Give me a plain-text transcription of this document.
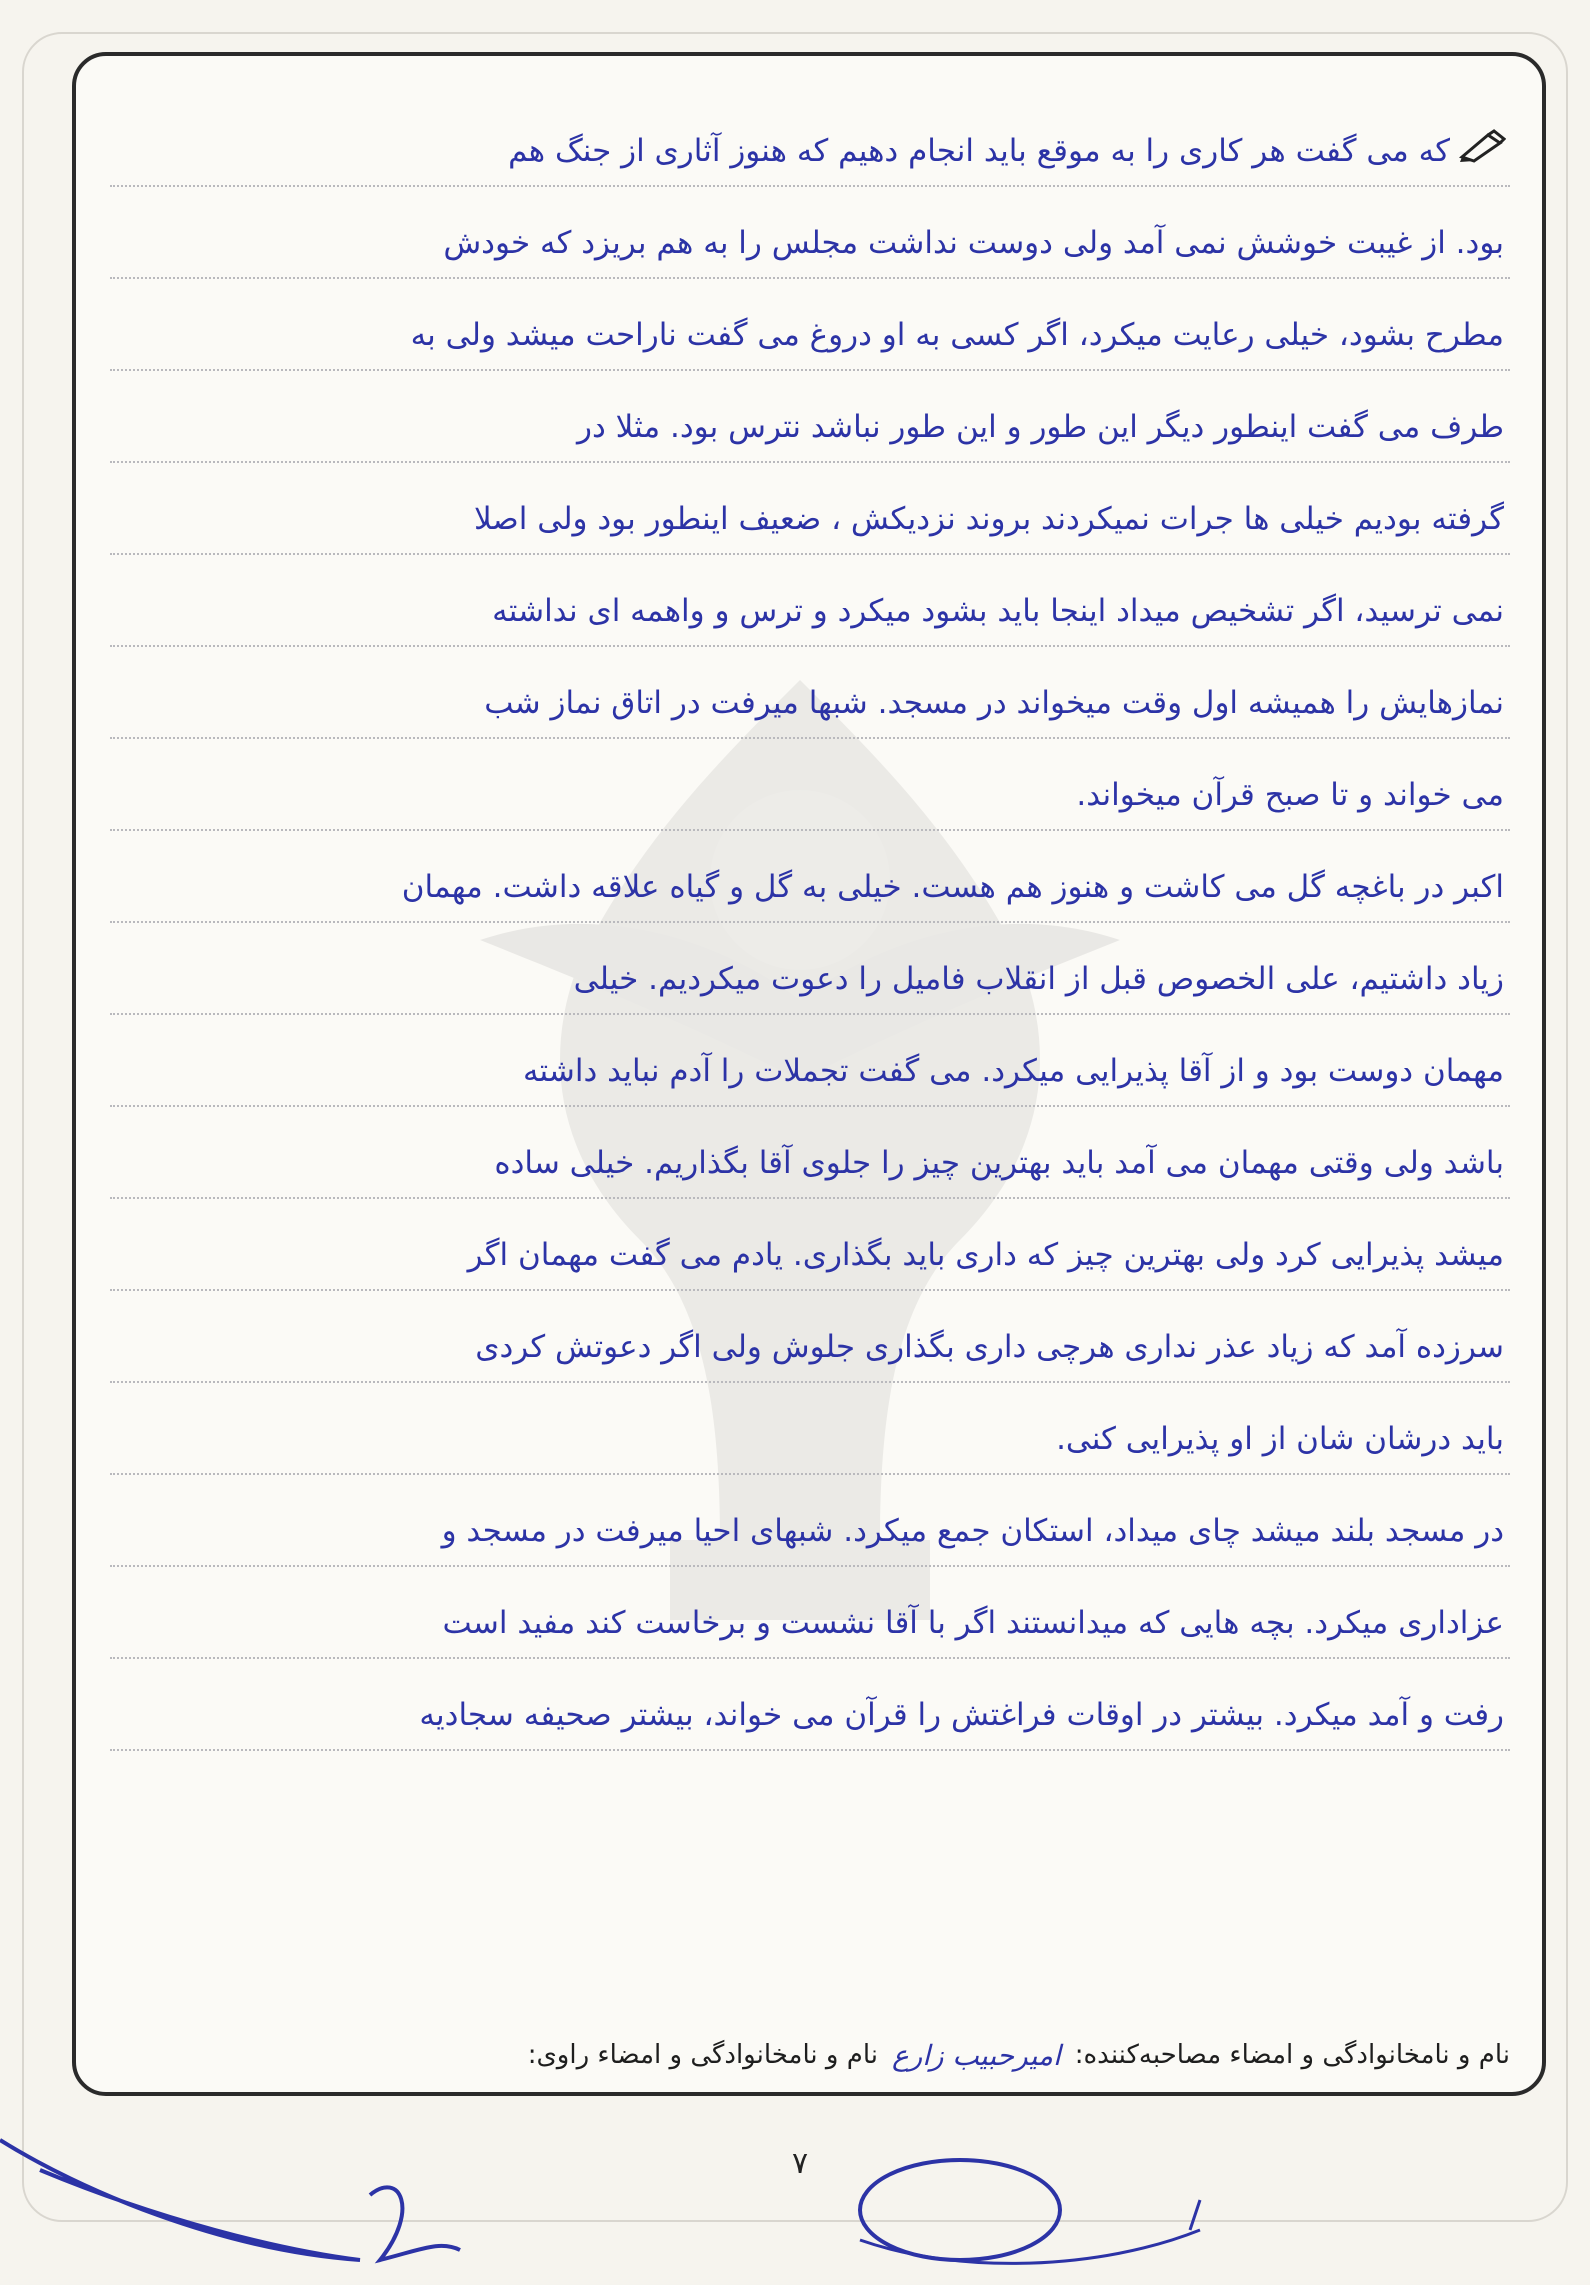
که می گفت هر کاری را به موقع باید انجام دهیم که هنوز آثاری از جنگ هم
بود. از غیبت خوشش نمی آمد ولی دوست نداشت مجلس را به هم بریزد که خودش
مطرح بشود، خیلی رعایت میکرد، اگر کسی به او دروغ می گفت ناراحت میشد ولی به
طرف می گفت اینطور دیگر این طور و این طور نباشد نترس بود. مثلا در
گرفته بودیم خیلی ها جرات نمیکردند بروند نزدیکش ، ضعیف اینطور بود ولی اصلا
نمی ترسید، اگر تشخیص میداد اینجا باید بشود میکرد و ترس و واهمه ای نداشته
نمازهایش را همیشه اول وقت میخواند در مسجد. شبها میرفت در اتاق نماز شب
می خواند و تا صبح قرآن میخواند.
اکبر در باغچه گل می کاشت و هنوز هم هست. خیلی به گل و گیاه علاقه داشت. مهمان
زیاد داشتیم، علی الخصوص قبل از انقلاب فامیل را دعوت میکردیم. خیلی
مهمان دوست بود و از آقا پذیرایی میکرد. می گفت تجملات را آدم نباید داشته
باشد ولی وقتی مهمان می آمد باید بهترین چیز را جلوی آقا بگذاریم. خیلی ساده
میشد پذیرایی کرد ولی بهترین چیز که داری باید بگذاری. یادم می گفت مهمان اگر
سرزده آمد که زیاد عذر نداری هرچی داری بگذاری جلوش ولی اگر دعوتش کردی
باید درشان شان از او پذیرایی کنی.
در مسجد بلند میشد چای میداد، استکان جمع میکرد. شبهای احیا میرفت در مسجد و
عزاداری میکرد. بچه هایی که میدانستند اگر با آقا نشست و برخاست کند مفید است
رفت و آمد میکرد. بیشتر در اوقات فراغتش را قرآن می خواند، بیشتر صحیفه سجادیه
نام و نامخانوادگی و امضاء مصاحبه‌کننده:
امیرحبیب زارع
نام و نامخانوادگی و امضاء راوی:
۷
